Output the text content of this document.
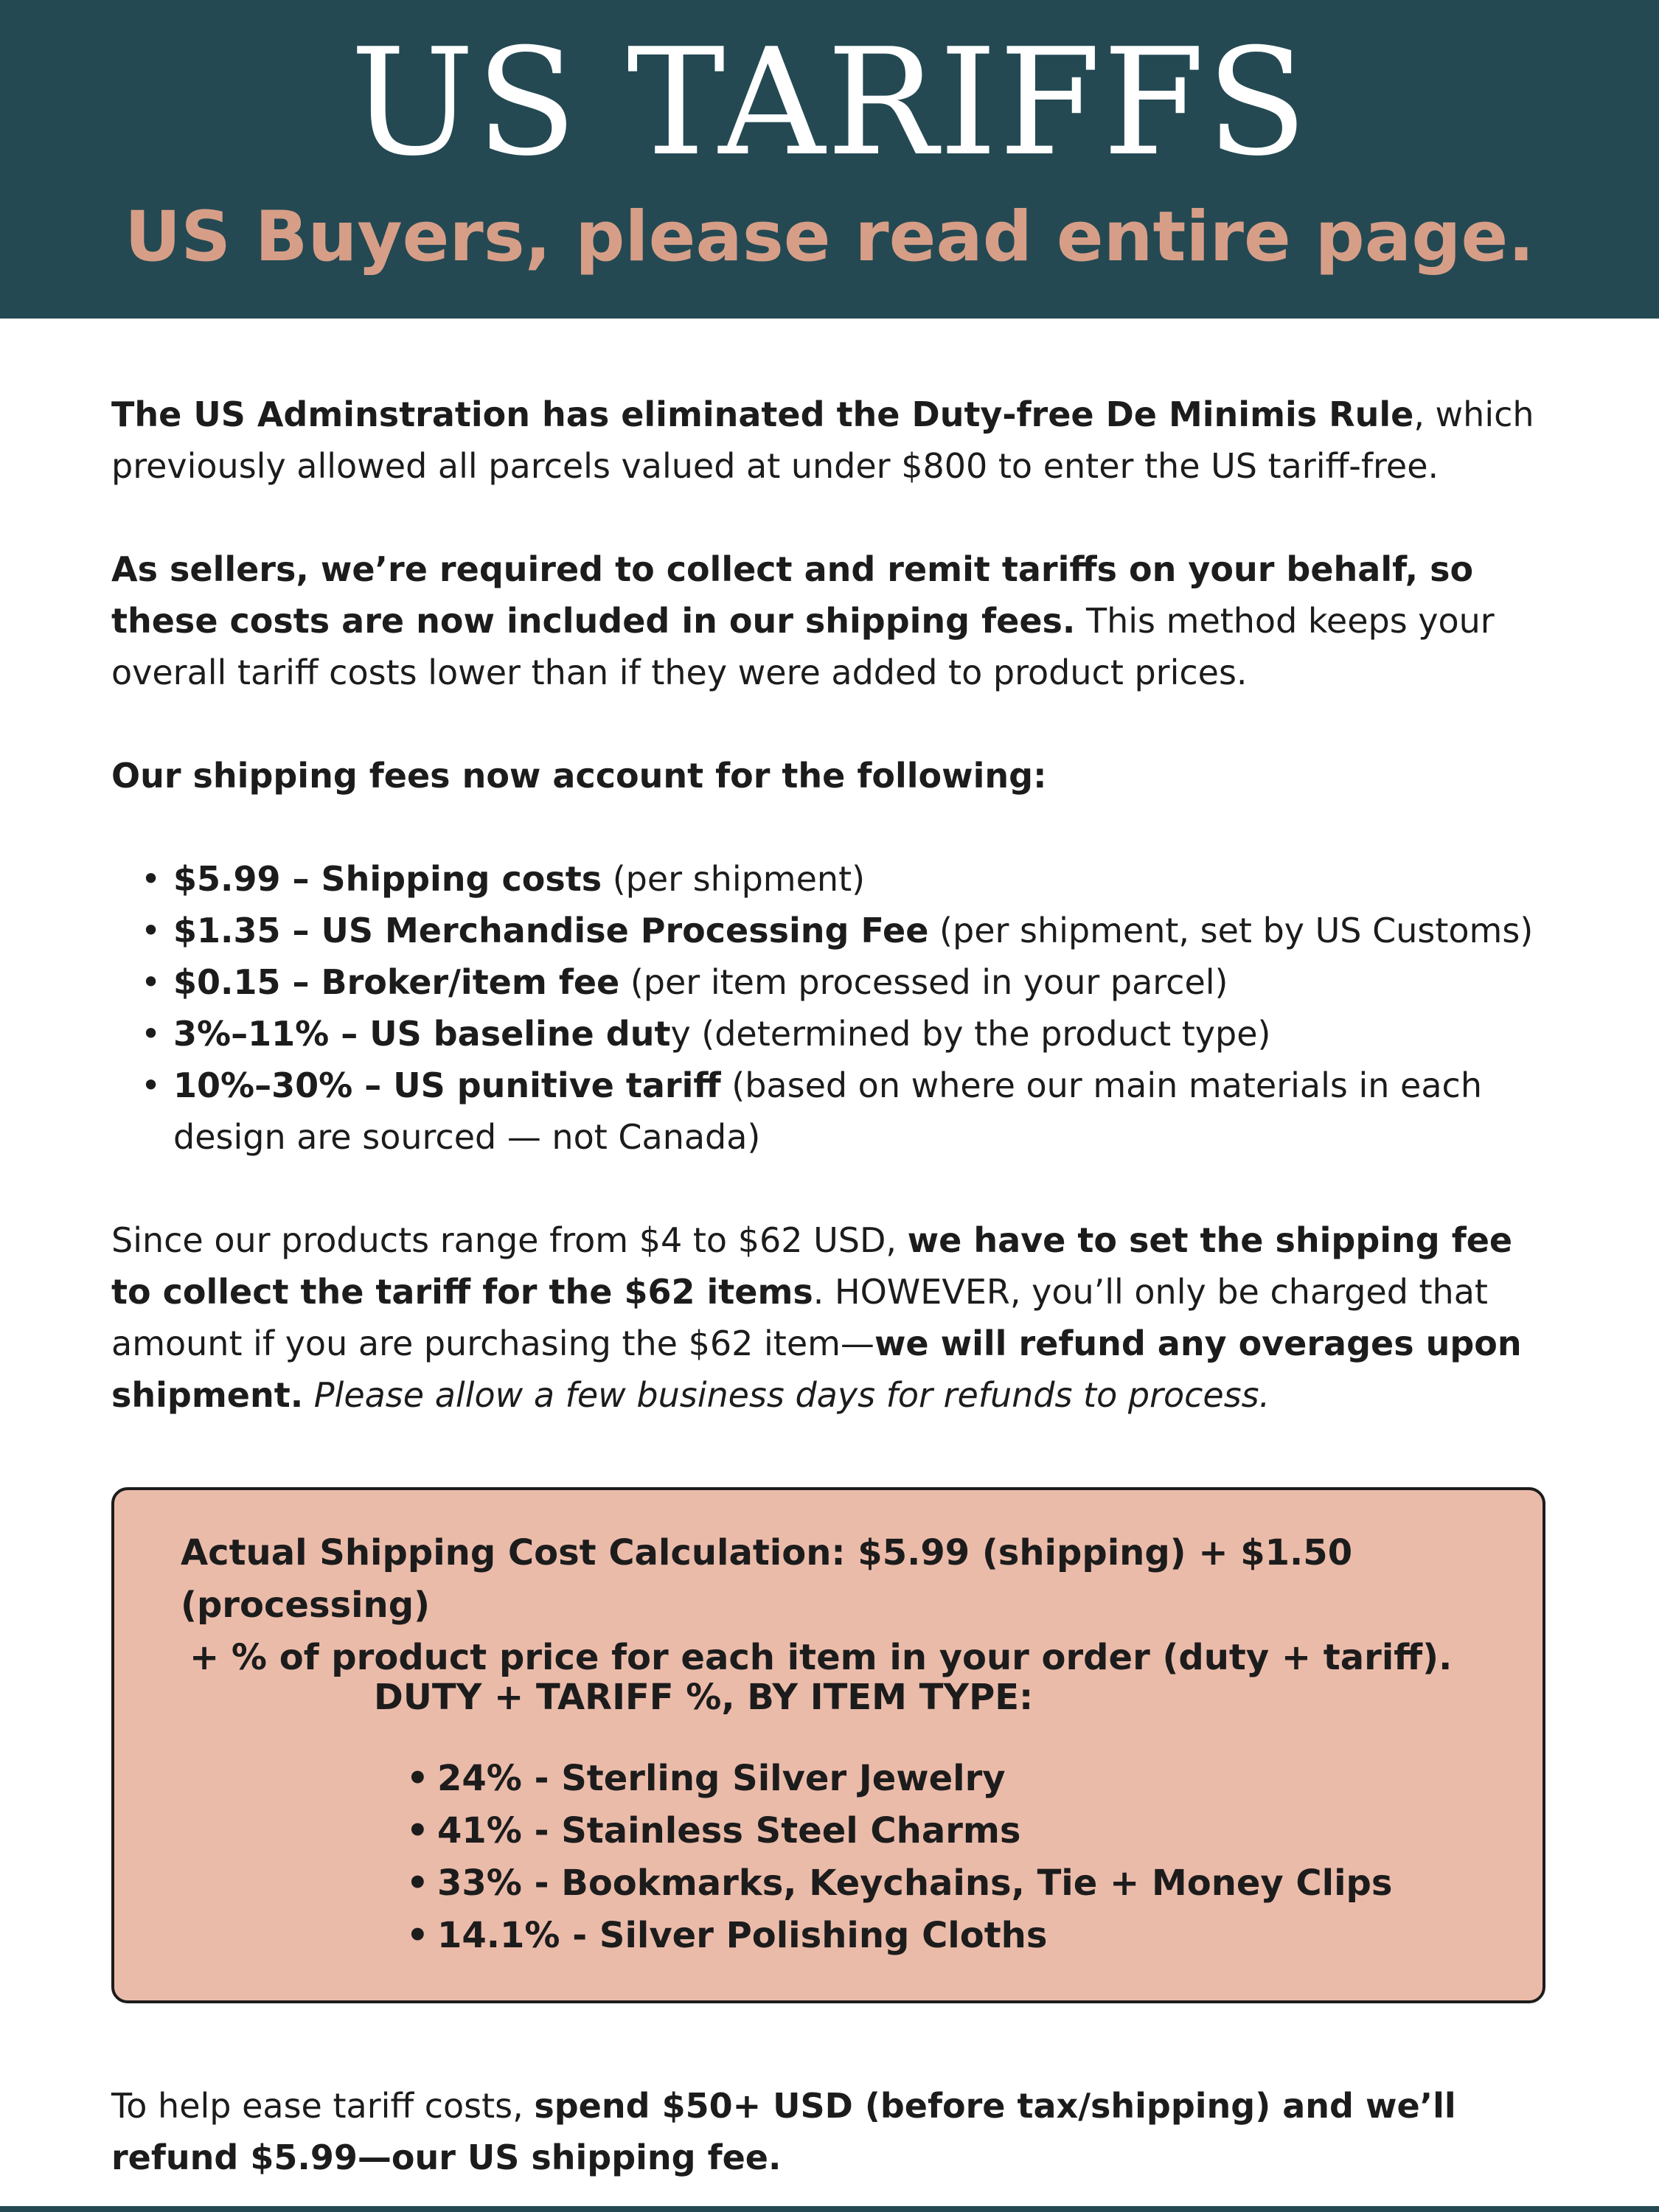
US TARIFFS
US Buyers, please read entire page.

The US Adminstration has eliminated the Duty-free De Minimis Rule, which previously allowed all parcels valued at under $800 to enter the US tariff-free.

As sellers, we’re required to collect and remit tariffs on your behalf, so these costs are now included in our shipping fees. This method keeps your overall tariff costs lower than if they were added to product prices.

Our shipping fees now account for the following:

• $5.99 – Shipping costs (per shipment)
• $1.35 – US Merchandise Processing Fee (per shipment, set by US Customs)
• $0.15 – Broker/item fee (per item processed in your parcel)
• 3%–11% – US baseline duty (determined by the product type)
• 10%–30% – US punitive tariff (based on where our main materials in each design are sourced — not Canada)

Since our products range from $4 to $62 USD, we have to set the shipping fee to collect the tariff for the $62 items. HOWEVER, you’ll only be charged that amount if you are purchasing the $62 item—we will refund any overages upon shipment. Please allow a few business days for refunds to process.

Actual Shipping Cost Calculation: $5.99 (shipping) + $1.50 (processing)
+ % of product price for each item in your order (duty + tariff).
DUTY + TARIFF %, BY ITEM TYPE:
• 24% - Sterling Silver Jewelry
• 41% - Stainless Steel Charms
• 33% - Bookmarks, Keychains, Tie + Money Clips
• 14.1% - Silver Polishing Cloths

To help ease tariff costs, spend $50+ USD (before tax/shipping) and we’ll refund $5.99—our US shipping fee.
